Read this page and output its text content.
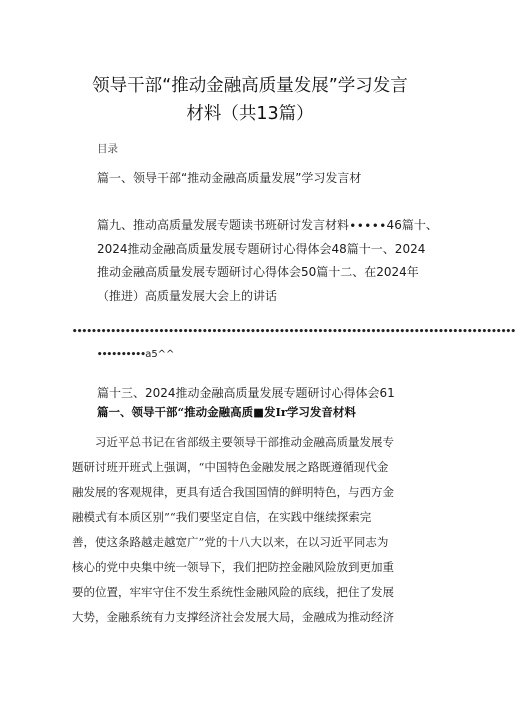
领导干部“推动金融高质量发展”学习发言
材料（共13篇）
目录
篇一、领导干部“推动金融高质量发展”学习发言材
篇九、推动高质量发展专题读书班研讨发言材料∙∙∙∙∙46篇十、
2024推动金融高质量发展专题研讨心得体会48篇十一、2024
推动金融高质量发展专题研讨心得体会50篇十二、在2024年
（推进）高质量发展大会上的讲话
••••••••••••••••••••••••••••••••••••••••••••••••••••••••••••••••••••••••••••••••••••••••••••
••••••••••a5^^
篇十三、2024推动金融高质量发展专题研讨心得体会61
篇一、领导干部“推动金融高质■发Ir学习发音材料
习近平总书记在省部级主要领导干部推动金融高质量发展专
题研讨班开班式上强调，“中国特色金融发展之路既遵循现代金
融发展的客观规律，更具有适合我国国情的鲜明特色，与西方金
融模式有本质区别”“我们要坚定自信，在实践中继续探索完
善，使这条路越走越宽广”党的十八大以来，在以习近平同志为
核心的党中央集中统一领导下，我们把防控金融风险放到更加重
要的位置，牢牢守住不发生系统性金融风险的底线，把住了发展
大势，金融系统有力支撑经济社会发展大局，金融成为推动经济
